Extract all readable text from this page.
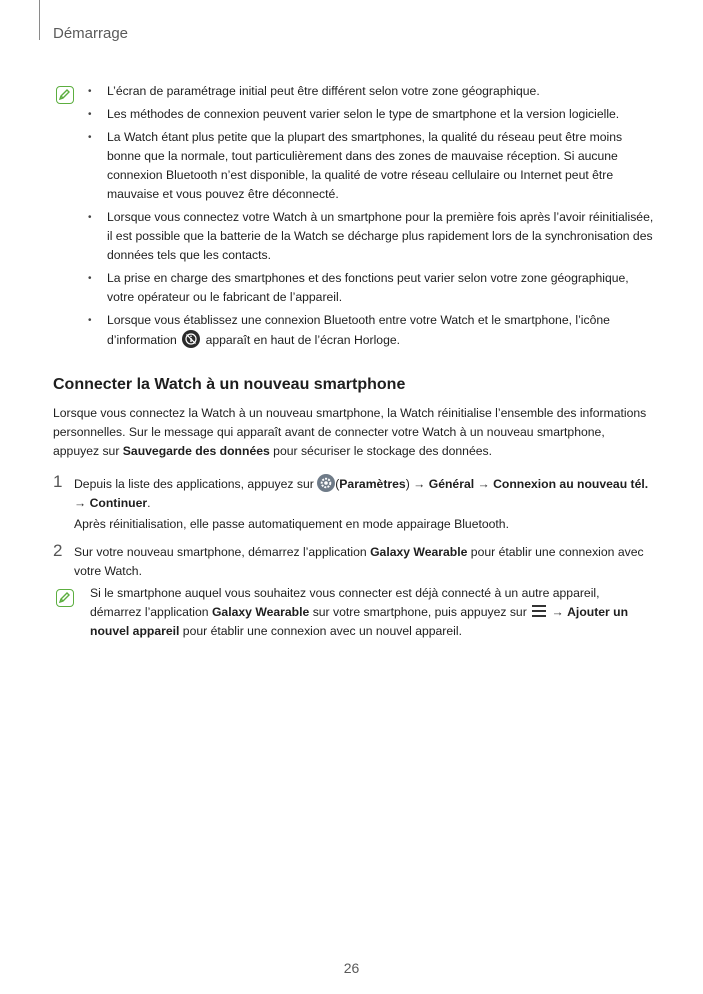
Démarrage
• L’écran de paramétrage initial peut être différent selon votre zone géographique.
• Les méthodes de connexion peuvent varier selon le type de smartphone et la version logicielle.
• La Watch étant plus petite que la plupart des smartphones, la qualité du réseau peut être moins bonne que la normale, tout particulièrement dans des zones de mauvaise réception. Si aucune connexion Bluetooth n’est disponible, la qualité de votre réseau cellulaire ou Internet peut être mauvaise et vous pouvez être déconnecté.
• Lorsque vous connectez votre Watch à un smartphone pour la première fois après l’avoir réinitialisée, il est possible que la batterie de la Watch se décharge plus rapidement lors de la synchronisation des données tels que les contacts.
• La prise en charge des smartphones et des fonctions peut varier selon votre zone géographique, votre opérateur ou le fabricant de l’appareil.
• Lorsque vous établissez une connexion Bluetooth entre votre Watch et le smartphone, l’icône d’information apparaît en haut de l’écran Horloge.
Connecter la Watch à un nouveau smartphone
Lorsque vous connectez la Watch à un nouveau smartphone, la Watch réinitialise l’ensemble des informations personnelles. Sur le message qui apparaît avant de connecter votre Watch à un nouveau smartphone, appuyez sur Sauvegarde des données pour sécuriser le stockage des données.
1 Depuis la liste des applications, appuyez sur (Paramètres) → Général → Connexion au nouveau tél.
→ Continuer.
Après réinitialisation, elle passe automatiquement en mode appairage Bluetooth.
2 Sur votre nouveau smartphone, démarrez l’application Galaxy Wearable pour établir une connexion avec votre Watch.
Si le smartphone auquel vous souhaitez vous connecter est déjà connecté à un autre appareil, démarrez l’application Galaxy Wearable sur votre smartphone, puis appuyez sur → Ajouter un nouvel appareil pour établir une connexion avec un nouvel appareil.
26
